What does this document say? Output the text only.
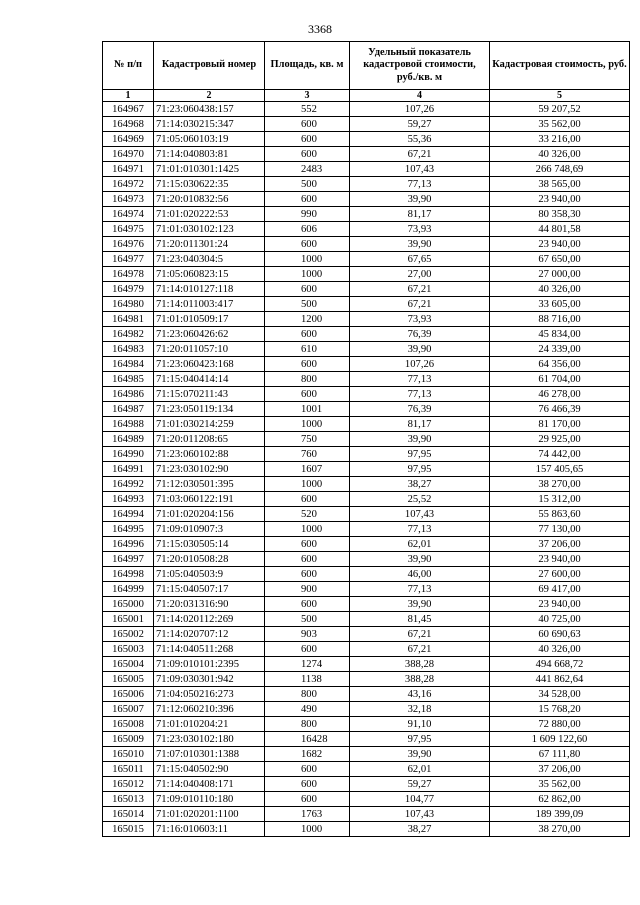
3368
№ п/п	Кадастровый номер	Площадь, кв. м	Удельный показатель кадастровой стоимости, руб./кв. м	Кадастровая стоимость, руб.
1	2	3	4	5
164967	71:23:060438:157	552	107,26	59 207,52
164968	71:14:030215:347	600	59,27	35 562,00
164969	71:05:060103:19	600	55,36	33 216,00
164970	71:14:040803:81	600	67,21	40 326,00
164971	71:01:010301:1425	2483	107,43	266 748,69
164972	71:15:030622:35	500	77,13	38 565,00
164973	71:20:010832:56	600	39,90	23 940,00
164974	71:01:020222:53	990	81,17	80 358,30
164975	71:01:030102:123	606	73,93	44 801,58
164976	71:20:011301:24	600	39,90	23 940,00
164977	71:23:040304:5	1000	67,65	67 650,00
164978	71:05:060823:15	1000	27,00	27 000,00
164979	71:14:010127:118	600	67,21	40 326,00
164980	71:14:011003:417	500	67,21	33 605,00
164981	71:01:010509:17	1200	73,93	88 716,00
164982	71:23:060426:62	600	76,39	45 834,00
164983	71:20:011057:10	610	39,90	24 339,00
164984	71:23:060423:168	600	107,26	64 356,00
164985	71:15:040414:14	800	77,13	61 704,00
164986	71:15:070211:43	600	77,13	46 278,00
164987	71:23:050119:134	1001	76,39	76 466,39
164988	71:01:030214:259	1000	81,17	81 170,00
164989	71:20:011208:65	750	39,90	29 925,00
164990	71:23:060102:88	760	97,95	74 442,00
164991	71:23:030102:90	1607	97,95	157 405,65
164992	71:12:030501:395	1000	38,27	38 270,00
164993	71:03:060122:191	600	25,52	15 312,00
164994	71:01:020204:156	520	107,43	55 863,60
164995	71:09:010907:3	1000	77,13	77 130,00
164996	71:15:030505:14	600	62,01	37 206,00
164997	71:20:010508:28	600	39,90	23 940,00
164998	71:05:040503:9	600	46,00	27 600,00
164999	71:15:040507:17	900	77,13	69 417,00
165000	71:20:031316:90	600	39,90	23 940,00
165001	71:14:020112:269	500	81,45	40 725,00
165002	71:14:020707:12	903	67,21	60 690,63
165003	71:14:040511:268	600	67,21	40 326,00
165004	71:09:010101:2395	1274	388,28	494 668,72
165005	71:09:030301:942	1138	388,28	441 862,64
165006	71:04:050216:273	800	43,16	34 528,00
165007	71:12:060210:396	490	32,18	15 768,20
165008	71:01:010204:21	800	91,10	72 880,00
165009	71:23:030102:180	16428	97,95	1 609 122,60
165010	71:07:010301:1388	1682	39,90	67 111,80
165011	71:15:040502:90	600	62,01	37 206,00
165012	71:14:040408:171	600	59,27	35 562,00
165013	71:09:010110:180	600	104,77	62 862,00
165014	71:01:020201:1100	1763	107,43	189 399,09
165015	71:16:010603:11	1000	38,27	38 270,00
